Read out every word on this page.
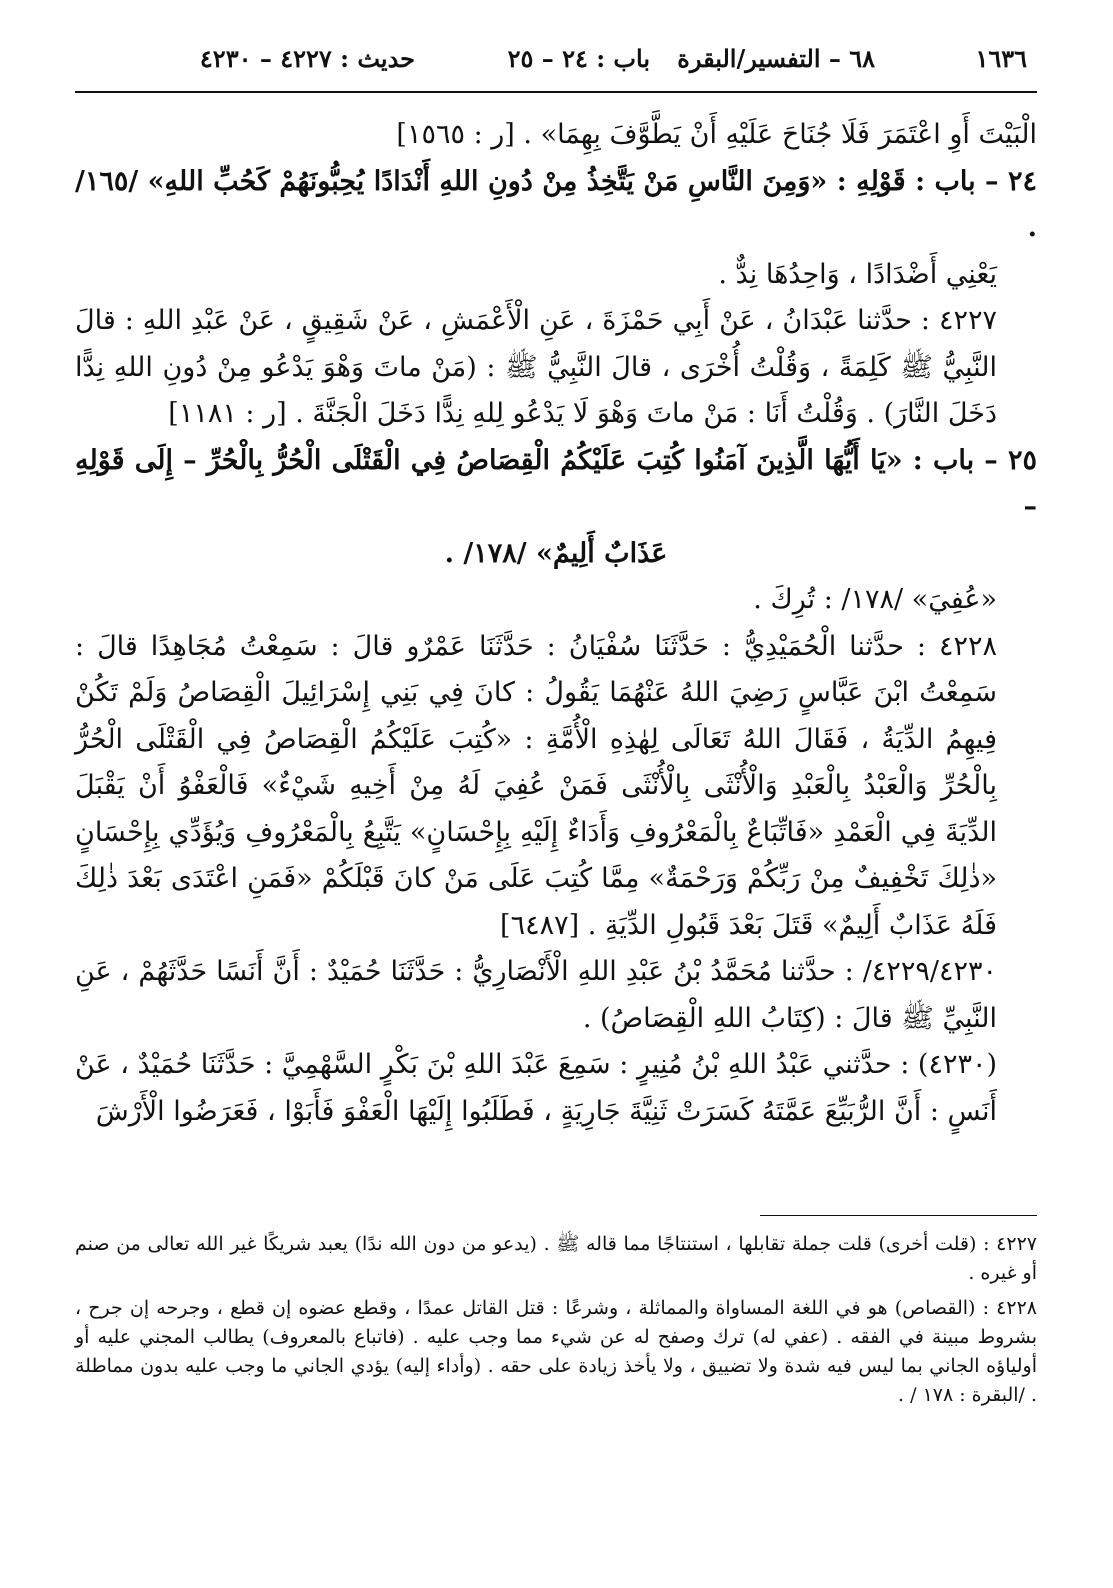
١٦٣٦
٦٨ – التفسير/البقرة
باب : ٢٤ – ٢٥
حديث : ٤٢٢٧ – ٤٢٣٠

الْبَيْتَ أَوِ اعْتَمَرَ فَلَا جُنَاحَ عَلَيْهِ أَنْ يَطَّوَّفَ بِهِمَا» . [ر : ١٥٦٥]

٢٤ – باب : قَوْلِهِ : «وَمِنَ النَّاسِ مَنْ يَتَّخِذُ مِنْ دُونِ اللهِ أَنْدَادًا يُحِبُّونَهُمْ كَحُبِّ اللهِ» /١٦٥/ .

يَعْنِي أَضْدَادًا ، وَاحِدُهَا نِدٌّ .

٤٢٢٧ : حدَّثنا عَبْدَانُ ، عَنْ أَبِي حَمْزَةَ ، عَنِ الْأَعْمَشِ ، عَنْ شَقِيقٍ ، عَنْ عَبْدِ اللهِ : قالَ النَّبِيُّ ﷺ كَلِمَةً ، وَقُلْتُ أُخْرَى ، قالَ النَّبِيُّ ﷺ : (مَنْ ماتَ وَهْوَ يَدْعُو مِنْ دُونِ اللهِ نِدًّا دَخَلَ النَّارَ) . وَقُلْتُ أَنَا : مَنْ ماتَ وَهْوَ لَا يَدْعُو لِلهِ نِدًّا دَخَلَ الْجَنَّةَ . [ر : ١١٨١]

٢٥ – باب : «يَا أَيُّهَا الَّذِينَ آمَنُوا كُتِبَ عَلَيْكُمُ الْقِصَاصُ فِي الْقَتْلَى الْحُرُّ بِالْحُرِّ – إِلَى قَوْلِهِ –

عَذَابٌ أَلِيمٌ» /١٧٨/ .

«عُفِيَ» /١٧٨/ : تُرِكَ .

٤٢٢٨ : حدَّثنا الْحُمَيْدِيُّ : حَدَّثَنَا سُفْيَانُ : حَدَّثَنَا عَمْرٌو قالَ : سَمِعْتُ مُجَاهِدًا قالَ : سَمِعْتُ ابْنَ عَبَّاسٍ رَضِيَ اللهُ عَنْهُمَا يَقُولُ : كانَ فِي بَنِي إِسْرَائِيلَ الْقِصَاصُ وَلَمْ تَكُنْ فِيهِمُ الدِّيَةُ ، فَقَالَ اللهُ تَعَالَى لِهٰذِهِ الْأُمَّةِ : «كُتِبَ عَلَيْكُمُ الْقِصَاصُ فِي الْقَتْلَى الْحُرُّ بِالْحُرِّ وَالْعَبْدُ بِالْعَبْدِ وَالْأُنْثَى بِالْأُنْثَى فَمَنْ عُفِيَ لَهُ مِنْ أَخِيهِ شَيْءٌ» فَالْعَفْوُ أَنْ يَقْبَلَ الدِّيَةَ فِي الْعَمْدِ «فَاتِّبَاعٌ بِالْمَعْرُوفِ وَأَدَاءٌ إِلَيْهِ بِإِحْسَانٍ» يَتَّبِعُ بِالْمَعْرُوفِ وَيُؤَدِّي بِإِحْسَانٍ «ذٰلِكَ تَخْفِيفٌ مِنْ رَبِّكُمْ وَرَحْمَةٌ» مِمَّا كُتِبَ عَلَى مَنْ كانَ قَبْلَكُمْ «فَمَنِ اعْتَدَى بَعْدَ ذٰلِكَ فَلَهُ عَذَابٌ أَلِيمٌ» قَتَلَ بَعْدَ قَبُولِ الدِّيَةِ . [٦٤٨٧]

٤٢٢٩/٤٢٣٠/ : حدَّثنا مُحَمَّدُ بْنُ عَبْدِ اللهِ الْأَنْصَارِيُّ : حَدَّثَنَا حُمَيْدٌ : أَنَّ أَنَسًا حَدَّثَهُمْ ، عَنِ النَّبِيِّ ﷺ قالَ : (كِتَابُ اللهِ الْقِصَاصُ) .

(٤٢٣٠) : حدَّثني عَبْدُ اللهِ بْنُ مُنِيرٍ : سَمِعَ عَبْدَ اللهِ بْنَ بَكْرٍ السَّهْمِيَّ : حَدَّثَنَا حُمَيْدٌ ، عَنْ أَنَسٍ : أَنَّ الرُّبَيِّعَ عَمَّتَهُ كَسَرَتْ ثَنِيَّةَ جَارِيَةٍ ، فَطَلَبُوا إِلَيْهَا الْعَفْوَ فَأَبَوْا ، فَعَرَضُوا الْأَرْشَ

٤٢٢٧ : (قلت أخرى) قلت جملة تقابلها ، استنتاجًا مما قاله ﷺ . (يدعو من دون الله ندًا) يعبد شريكًا غير الله تعالى من صنم أو غيره .

٤٢٢٨ : (القصاص) هو في اللغة المساواة والمماثلة ، وشرعًا : قتل القاتل عمدًا ، وقطع عضوه إن قطع ، وجرحه إن جرح ، بشروط مبينة في الفقه . (عفي له) ترك وصفح له عن شيء مما وجب عليه . (فاتباع بالمعروف) يطالب المجني عليه أو أولياؤه الجاني بما ليس فيه شدة ولا تضييق ، ولا يأخذ زيادة على حقه . (وأداء إليه) يؤدي الجاني ما وجب عليه بدون مماطلة . /البقرة : ١٧٨ / .
